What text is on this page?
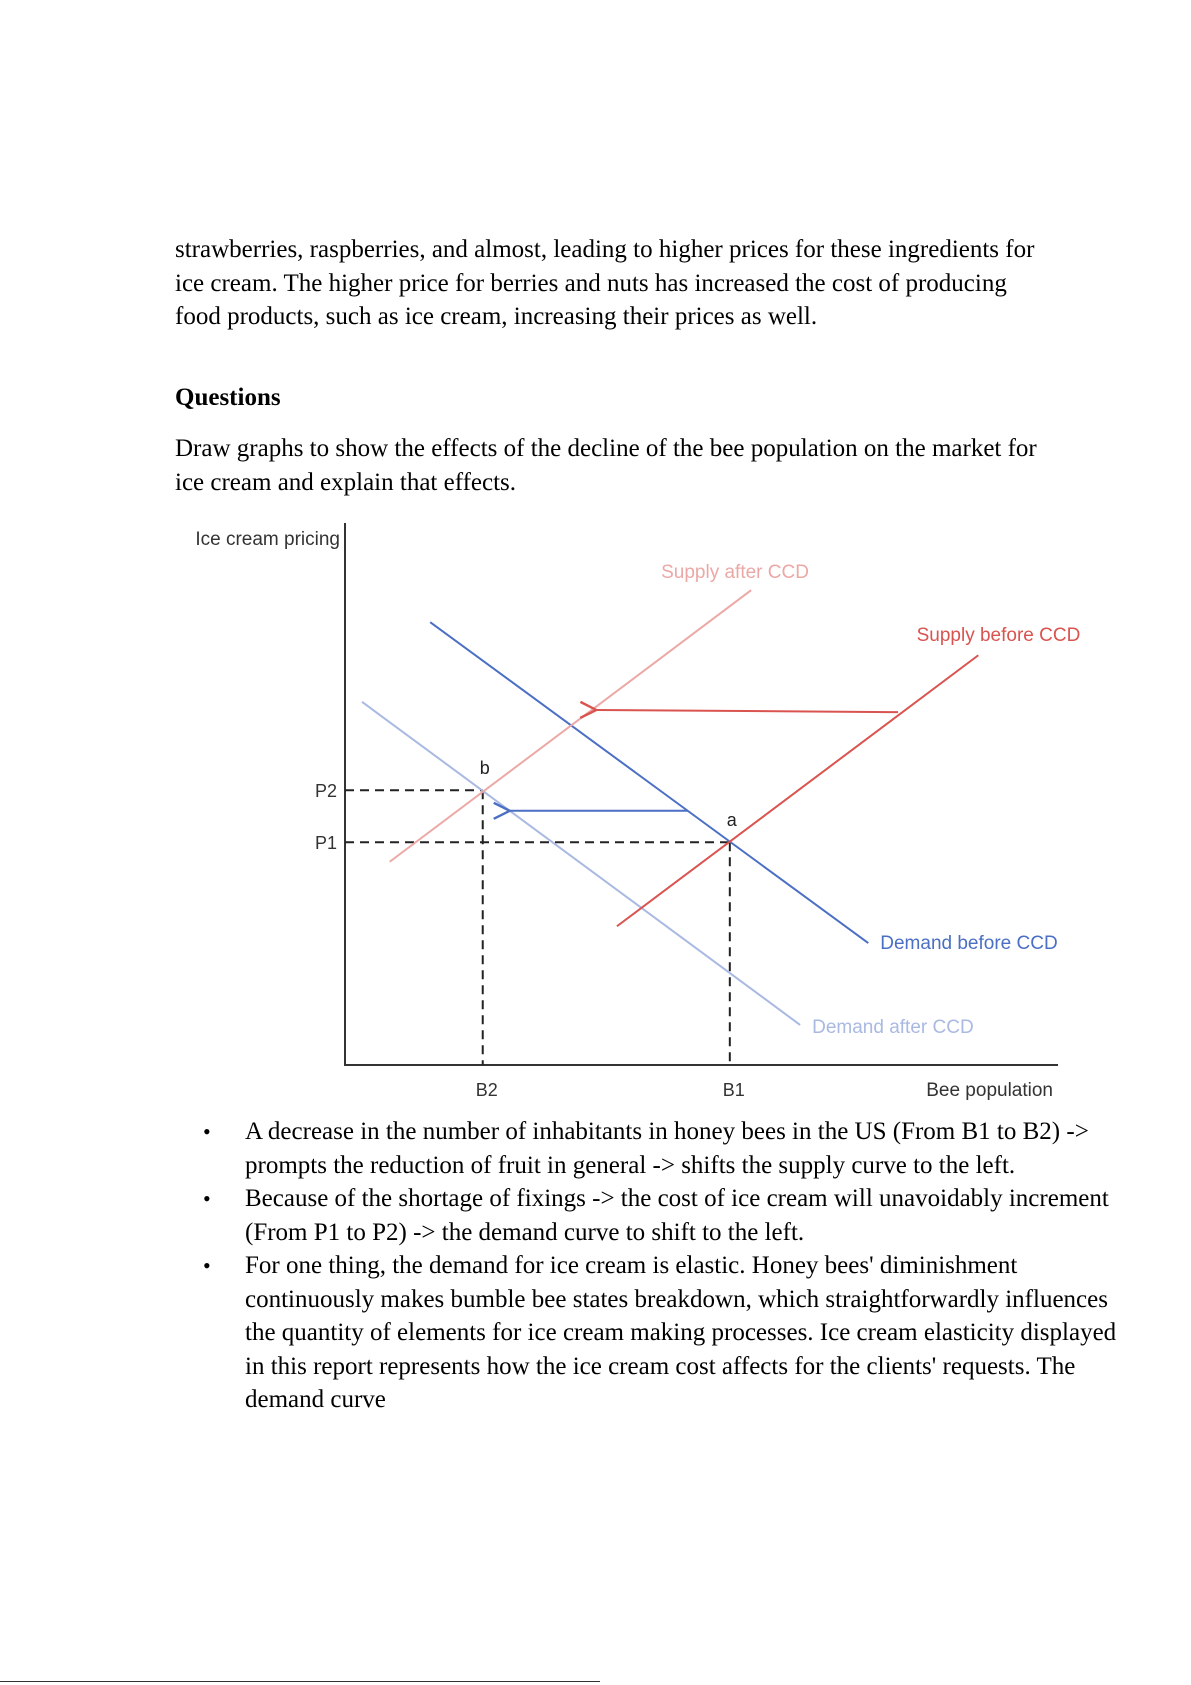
strawberries, raspberries, and almost, leading to higher prices for these ingredients for ice cream. The higher price for berries and nuts has increased the cost of producing food products, such as ice cream, increasing their prices as well.

Questions

Draw graphs to show the effects of the decline of the bee population on the market for ice cream and explain that effects.

Ice cream pricing
Bee population
Demand before CCD
Demand after CCD
Supply before CCD
Supply after CCD
a
P1
B1
b
P2
B2
• A decrease in the number of inhabitants in honey bees in the US (From B1 to B2) -> prompts the reduction of fruit in general -> shifts the supply curve to the left.
• Because of the shortage of fixings -> the cost of ice cream will unavoidably increment (From P1 to P2) -> the demand curve to shift to the left.
• For one thing, the demand for ice cream is elastic. Honey bees' diminishment continuously makes bumble bee states breakdown, which straightforwardly influences the quantity of elements for ice cream making processes. Ice cream elasticity displayed in this report represents how the ice cream cost affects for the clients' requests. The demand curve
